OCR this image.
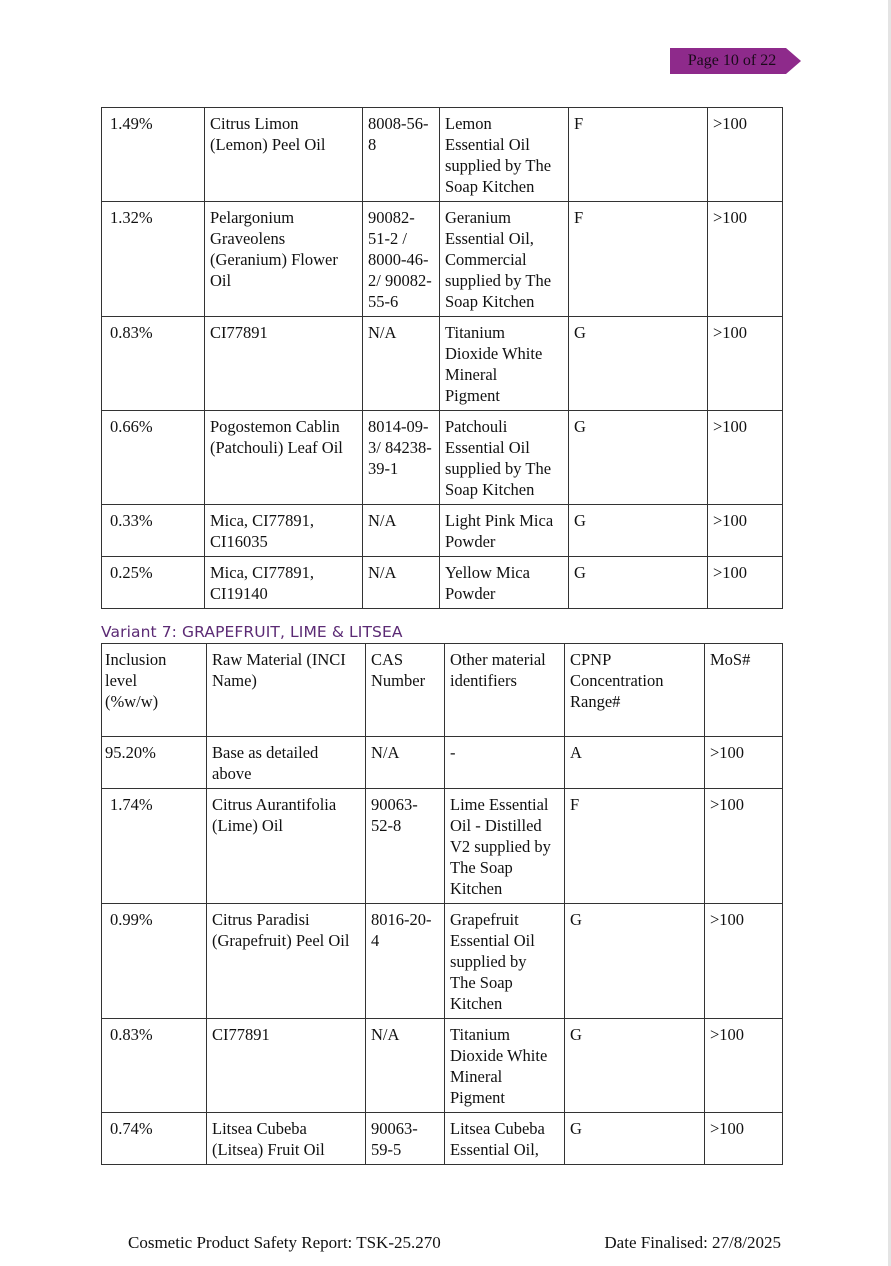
Page 10 of 22
1.49%	Citrus Limon
(Lemon) Peel Oil	8008-56-
8	Lemon
Essential Oil
supplied by The
Soap Kitchen	F	>100
1.32%	Pelargonium
Graveolens
(Geranium) Flower
Oil	90082-
51-2 /
8000-46-
2/ 90082-
55-6	Geranium
Essential Oil,
Commercial
supplied by The
Soap Kitchen	F	>100
0.83%	CI77891	N/A	Titanium
Dioxide White
Mineral
Pigment	G	>100
0.66%	Pogostemon Cablin
(Patchouli) Leaf Oil	8014-09-
3/ 84238-
39-1	Patchouli
Essential Oil
supplied by The
Soap Kitchen	G	>100
0.33%	Mica, CI77891,
CI16035	N/A	Light Pink Mica
Powder	G	>100
0.25%	Mica, CI77891,
CI19140	N/A	Yellow Mica
Powder	G	>100
Variant 7: GRAPEFRUIT, LIME & LITSEA
Inclusion
level
(%w/w)	Raw Material (INCI
Name)	CAS
Number	Other material
identifiers	CPNP
Concentration
Range#	MoS#
95.20%	Base as detailed
above	N/A	-	A	>100
1.74%	Citrus Aurantifolia
(Lime) Oil	90063-
52-8	Lime Essential
Oil - Distilled
V2 supplied by
The Soap
Kitchen	F	>100
0.99%	Citrus Paradisi
(Grapefruit) Peel Oil	8016-20-
4	Grapefruit
Essential Oil
supplied by
The Soap
Kitchen	G	>100
0.83%	CI77891	N/A	Titanium
Dioxide White
Mineral
Pigment	G	>100
0.74%	Litsea Cubeba
(Litsea) Fruit Oil	90063-
59-5	Litsea Cubeba
Essential Oil,	G	>100
Cosmetic Product Safety Report: TSK-25.270	Date Finalised: 27/8/2025
